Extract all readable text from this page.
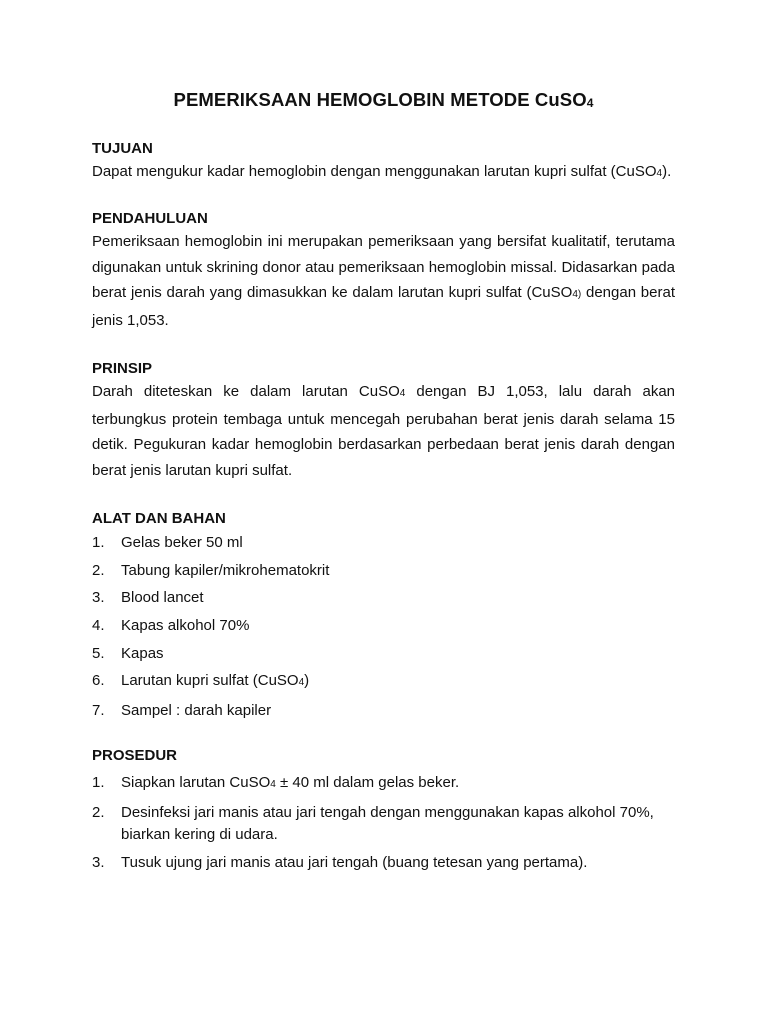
PEMERIKSAAN HEMOGLOBIN METODE CuSO4

TUJUAN

Dapat mengukur kadar hemoglobin dengan menggunakan larutan kupri sulfat (CuSO4).

PENDAHULUAN

Pemeriksaan hemoglobin ini merupakan pemeriksaan yang bersifat kualitatif, terutama digunakan untuk skrining donor atau pemeriksaan hemoglobin missal. Didasarkan pada berat jenis darah yang dimasukkan ke dalam larutan kupri sulfat (CuSO4) dengan berat jenis 1,053.

PRINSIP

Darah diteteskan ke dalam larutan CuSO4 dengan BJ 1,053, lalu darah akan terbungkus protein tembaga untuk mencegah perubahan berat jenis darah selama 15 detik. Pegukuran kadar hemoglobin berdasarkan perbedaan berat jenis darah dengan berat jenis larutan kupri sulfat.

ALAT DAN BAHAN

1. Gelas beker 50 ml
2. Tabung kapiler/mikrohematokrit
3. Blood lancet
4. Kapas alkohol 70%
5. Kapas
6. Larutan kupri sulfat (CuSO4)
7. Sampel : darah kapiler

PROSEDUR

1. Siapkan larutan CuSO4 ± 40 ml dalam gelas beker.
2. Desinfeksi jari manis atau jari tengah dengan menggunakan kapas alkohol 70%, biarkan kering di udara.
3. Tusuk ujung jari manis atau jari tengah (buang tetesan yang pertama).
